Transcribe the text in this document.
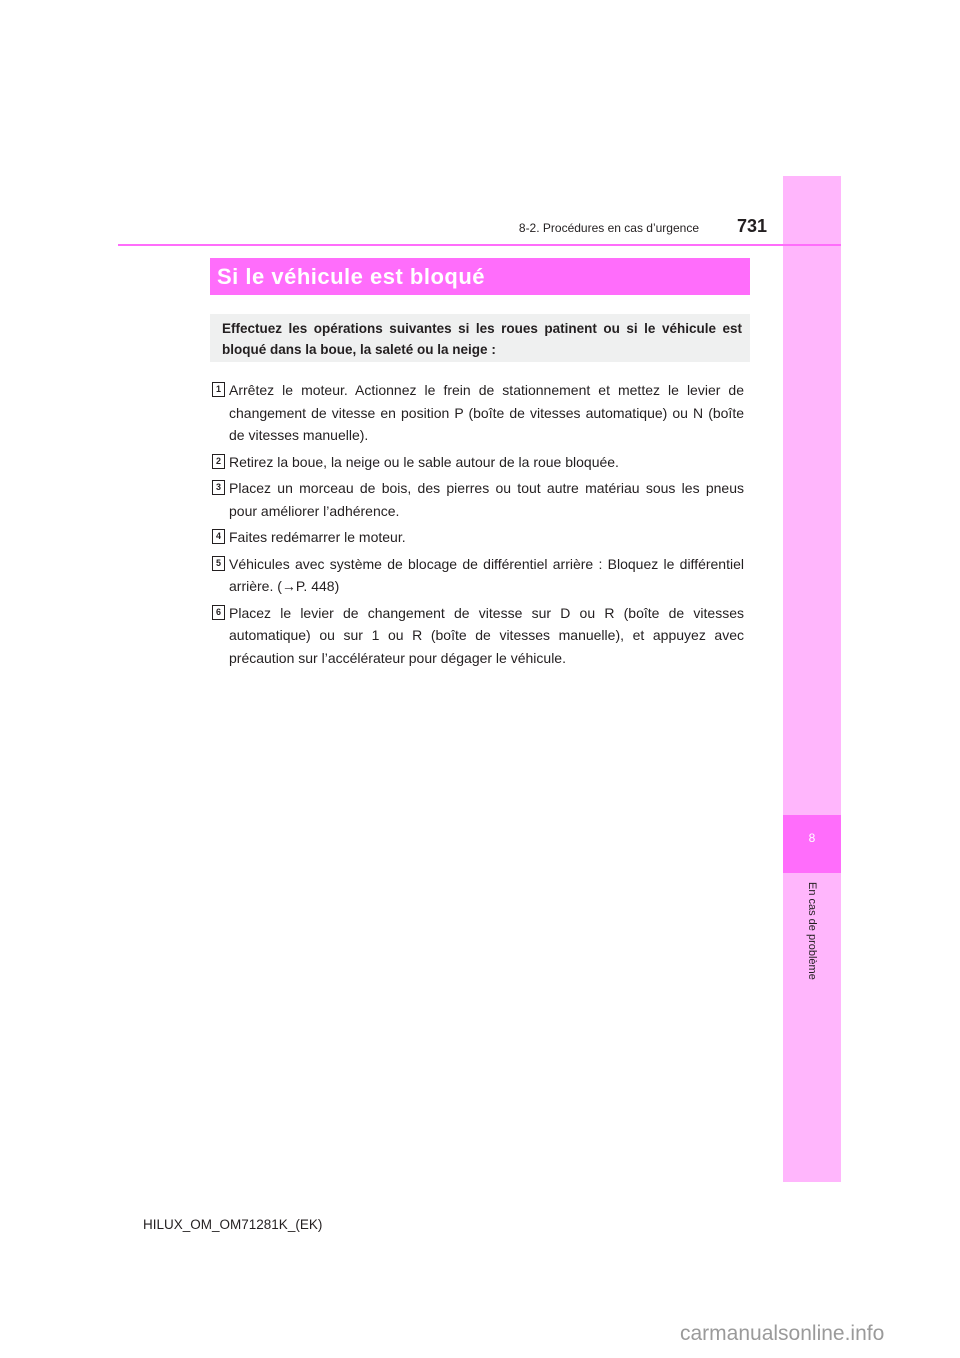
8
En cas de problème
8-2. Procédures en cas d’urgence 731
Si le véhicule est bloqué
Effectuez les opérations suivantes si les roues patinent ou si le véhicule est bloqué dans la boue, la saleté ou la neige :
1 Arrêtez le moteur. Actionnez le frein de stationnement et mettez le levier de changement de vitesse en position P (boîte de vitesses automatique) ou N (boîte de vitesses manuelle).
2 Retirez la boue, la neige ou le sable autour de la roue bloquée.
3 Placez un morceau de bois, des pierres ou tout autre matériau sous les pneus pour améliorer l’adhérence.
4 Faites redémarrer le moteur.
5 Véhicules avec système de blocage de différentiel arrière : Bloquez le différentiel arrière. (→P. 448)
6 Placez le levier de changement de vitesse sur D ou R (boîte de vitesses automatique) ou sur 1 ou R (boîte de vitesses manuelle), et appuyez avec précaution sur l’accélérateur pour dégager le véhicule.
HILUX_OM_OM71281K_(EK)
carmanualsonline.info
